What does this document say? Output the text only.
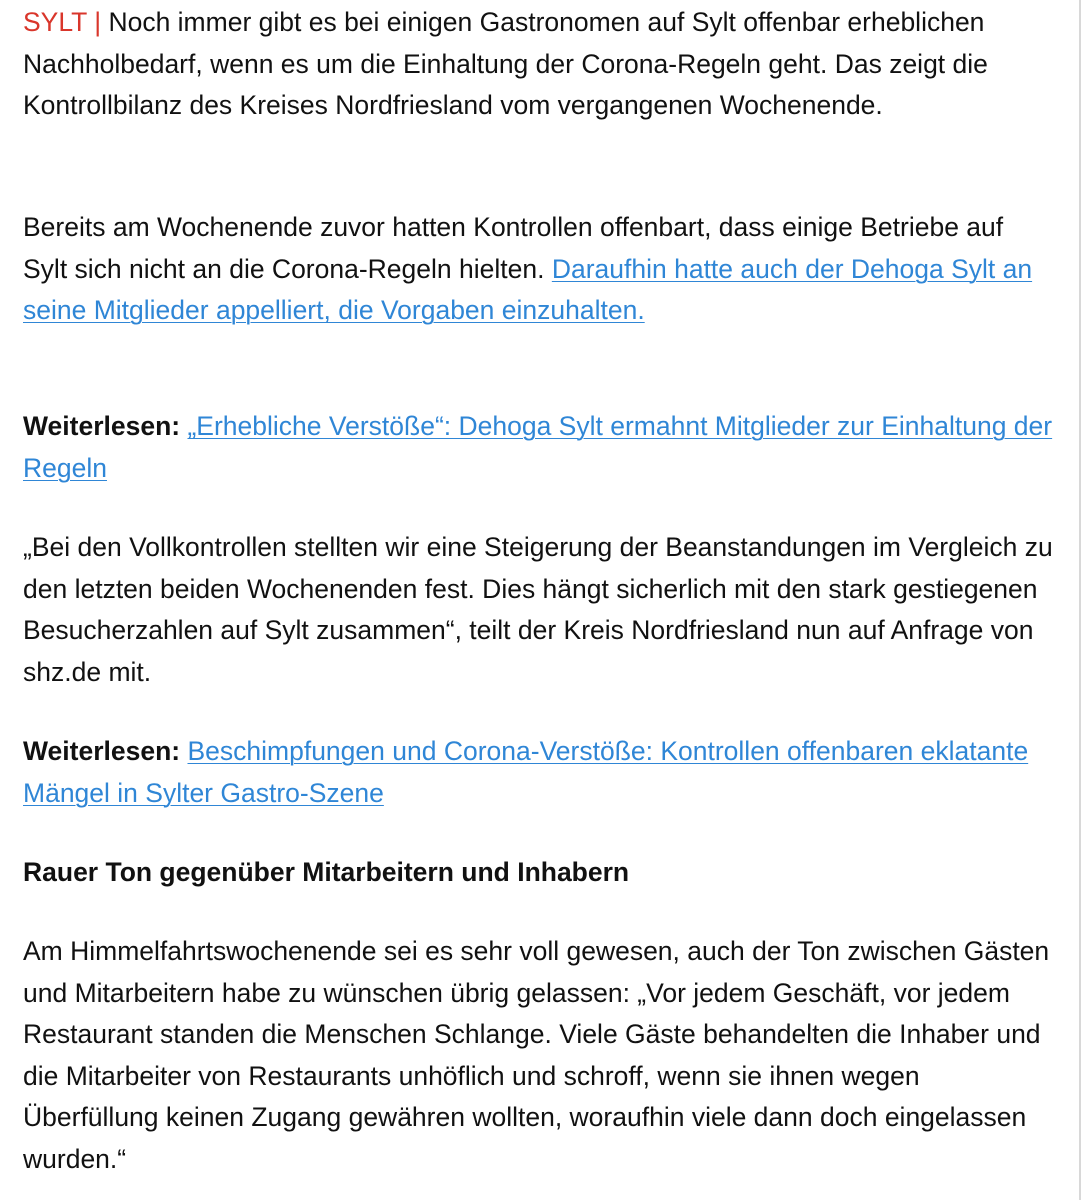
SYLT | Noch immer gibt es bei einigen Gastronomen auf Sylt offenbar erheblichen Nachholbedarf, wenn es um die Einhaltung der Corona-Regeln geht. Das zeigt die Kontrollbilanz des Kreises Nordfriesland vom vergangenen Wochenende.

Bereits am Wochenende zuvor hatten Kontrollen offenbart, dass einige Betriebe auf Sylt sich nicht an die Corona-Regeln hielten. Daraufhin hatte auch der Dehoga Sylt an seine Mitglieder appelliert, die Vorgaben einzuhalten.

Weiterlesen: „Erhebliche Verstöße“: Dehoga Sylt ermahnt Mitglieder zur Einhaltung der Regeln

„Bei den Vollkontrollen stellten wir eine Steigerung der Beanstandungen im Vergleich zu den letzten beiden Wochenenden fest. Dies hängt sicherlich mit den stark gestiegenen Besucherzahlen auf Sylt zusammen“, teilt der Kreis Nordfriesland nun auf Anfrage von shz.de mit.

Weiterlesen: Beschimpfungen und Corona-Verstöße: Kontrollen offenbaren eklatante Mängel in Sylter Gastro-Szene

Rauer Ton gegenüber Mitarbeitern und Inhabern

Am Himmelfahrtswochenende sei es sehr voll gewesen, auch der Ton zwischen Gästen und Mitarbeitern habe zu wünschen übrig gelassen: „Vor jedem Geschäft, vor jedem Restaurant standen die Menschen Schlange. Viele Gäste behandelten die Inhaber und die Mitarbeiter von Restaurants unhöflich und schroff, wenn sie ihnen wegen Überfüllung keinen Zugang gewähren wollten, woraufhin viele dann doch eingelassen wurden.“
